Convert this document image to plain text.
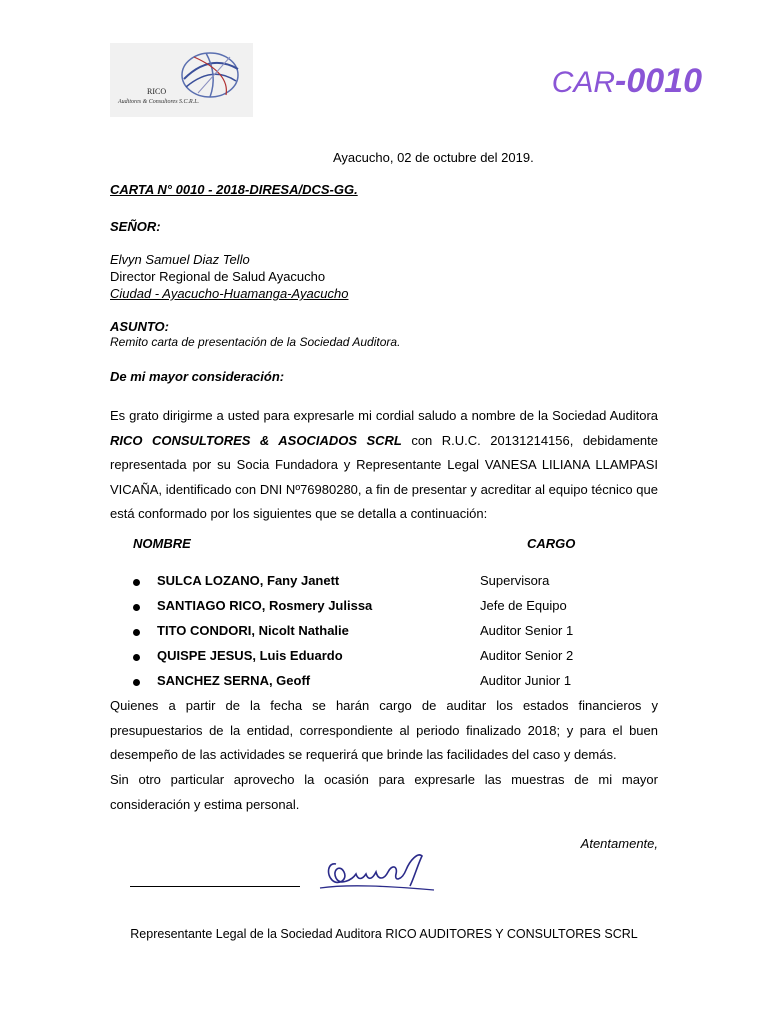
RICO
Auditores & Consultores S.C.R.L.
CAR-0010
Ayacucho, 02 de octubre del 2019.
CARTA N° 0010 - 2018-DIRESA/DCS-GG.
SEÑOR:
Elvyn Samuel Diaz Tello
Director Regional de Salud Ayacucho
Ciudad - Ayacucho-Huamanga-Ayacucho
ASUNTO:
Remito carta de presentación de la Sociedad Auditora.
De mi mayor consideración:
Es grato dirigirme a usted para expresarle mi cordial saludo a nombre de la Sociedad Auditora RICO CONSULTORES & ASOCIADOS SCRL con R.U.C. 20131214156, debidamente representada por su Socia Fundadora y Representante Legal VANESA LILIANA LLAMPASI VICAÑA, identificado con DNI Nº76980280, a fin de presentar y acreditar al equipo técnico que está conformado por los siguientes que se detalla a continuación:
NOMBRE	CARGO
SULCA LOZANO, Fany Janett	Supervisora
SANTIAGO RICO, Rosmery Julissa	Jefe de Equipo
TITO CONDORI, Nicolt Nathalie	Auditor Senior 1
QUISPE JESUS, Luis Eduardo	Auditor Senior 2
SANCHEZ SERNA, Geoff	Auditor Junior 1
Quienes a partir de la fecha se harán cargo de auditar los estados financieros y presupuestarios de la entidad, correspondiente al periodo finalizado 2018; y para el buen desempeño de las actividades se requerirá que brinde las facilidades del caso y demás.
Sin otro particular aprovecho la ocasión para expresarle las muestras de mi mayor consideración y estima personal.
Atentamente,
Representante Legal de la Sociedad Auditora RICO AUDITORES Y CONSULTORES SCRL
